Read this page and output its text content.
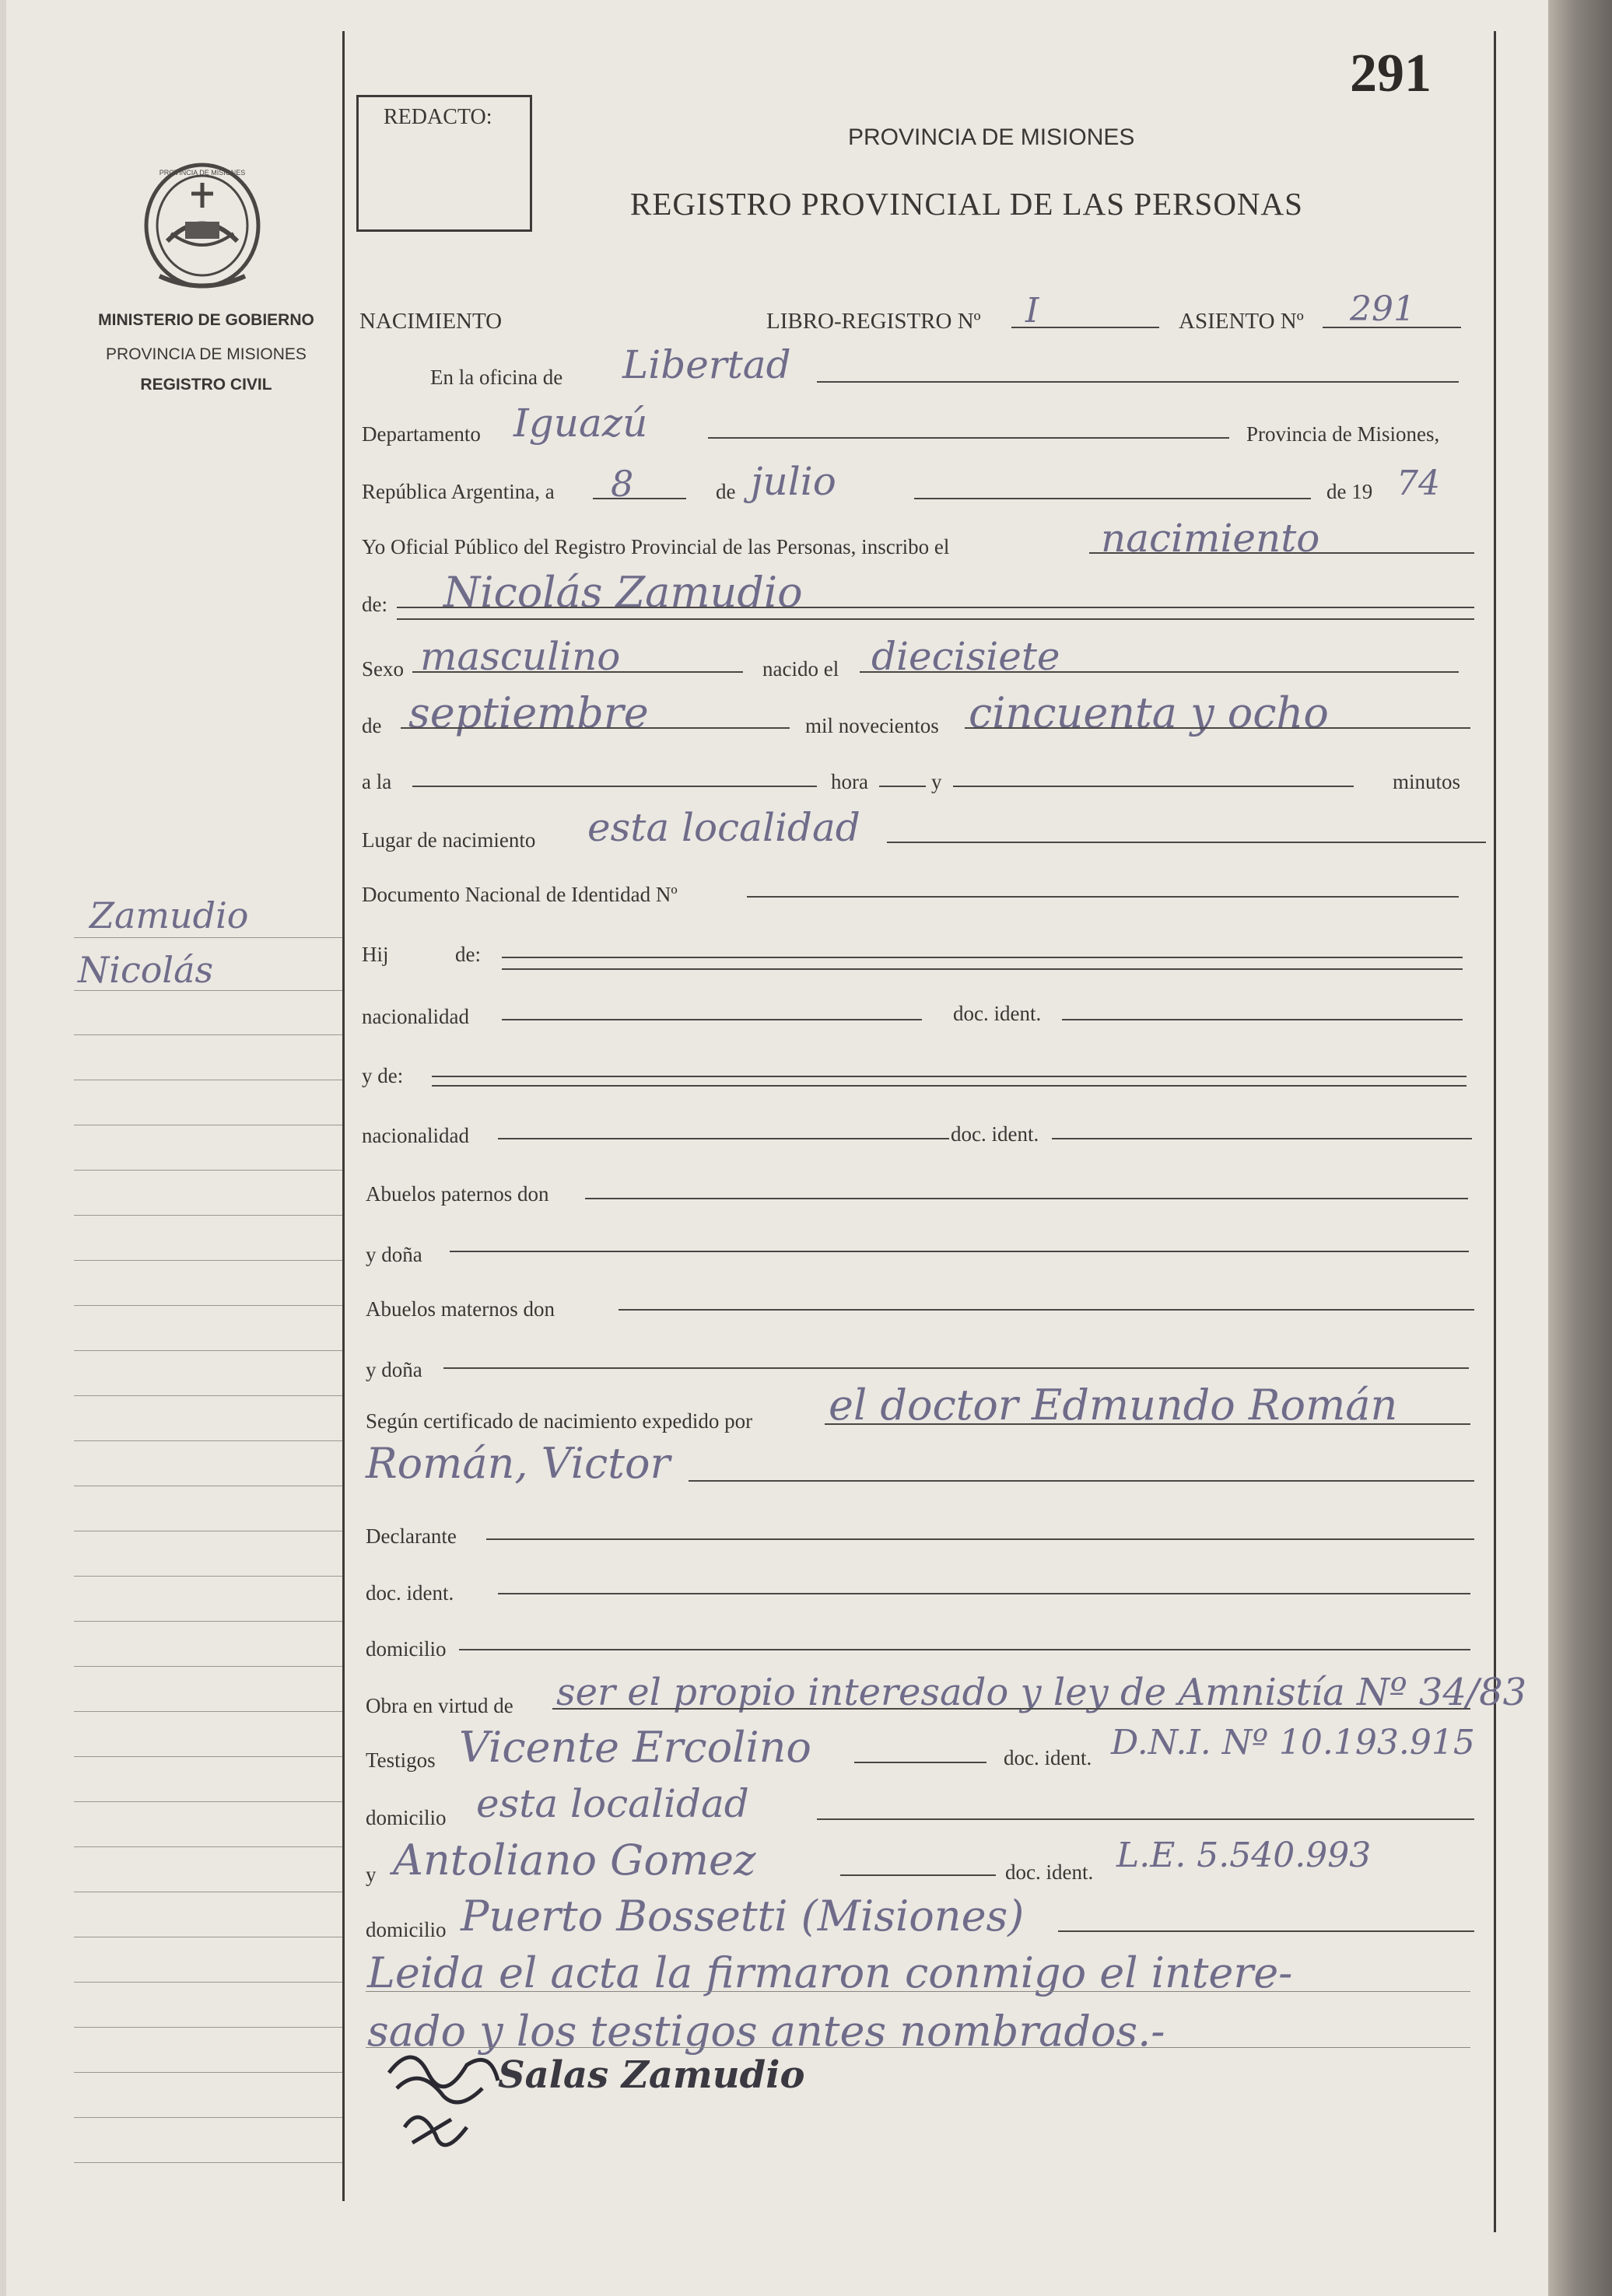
291
REDACTO:
PROVINCIA DE MISIONES
REGISTRO PROVINCIAL DE LAS PERSONAS
PROVINCIA DE MISIONES
MINISTERIO DE GOBIERNO
PROVINCIA DE MISIONES
REGISTRO CIVIL
Zamudio
Nicolás
NACIMIENTO	LIBRO-REGISTRO Nº I	ASIENTO Nº 291
En la oficina de Libertad
Departamento Iguazú	Provincia de Misiones,
República Argentina, a 8	de julio	de 19 74
Yo Oficial Público del Registro Provincial de las Personas, inscribo el	nacimiento
de: Nicolás Zamudio
Sexo masculino	nacido el diecisiete
de septiembre	mil novecientos cincuenta y ocho
a la	hora	y	minutos
Lugar de nacimiento esta localidad
Documento Nacional de Identidad Nº
Hij	de:
nacionalidad	doc. ident.
y de:
nacionalidad	doc. ident.
Abuelos paternos don
y doña
Abuelos maternos don
y doña
Según certificado de nacimiento expedido por el doctor Edmundo Román
Román, Victor
Declarante
doc. ident.
domicilio
Obra en virtud de ser el propio interesado y ley de Amnistía Nº 34/83
Testigos Vicente Ercolino	doc. ident. D.N.I. Nº 10.193.915
domicilio esta localidad
y Antoliano Gomez	doc. ident. L.E. 5.540.993
domicilio Puerto Bossetti (Misiones)
Leida el acta la firmaron conmigo el intere-
sado y los testigos antes nombrados.-
Salas Zamudio
